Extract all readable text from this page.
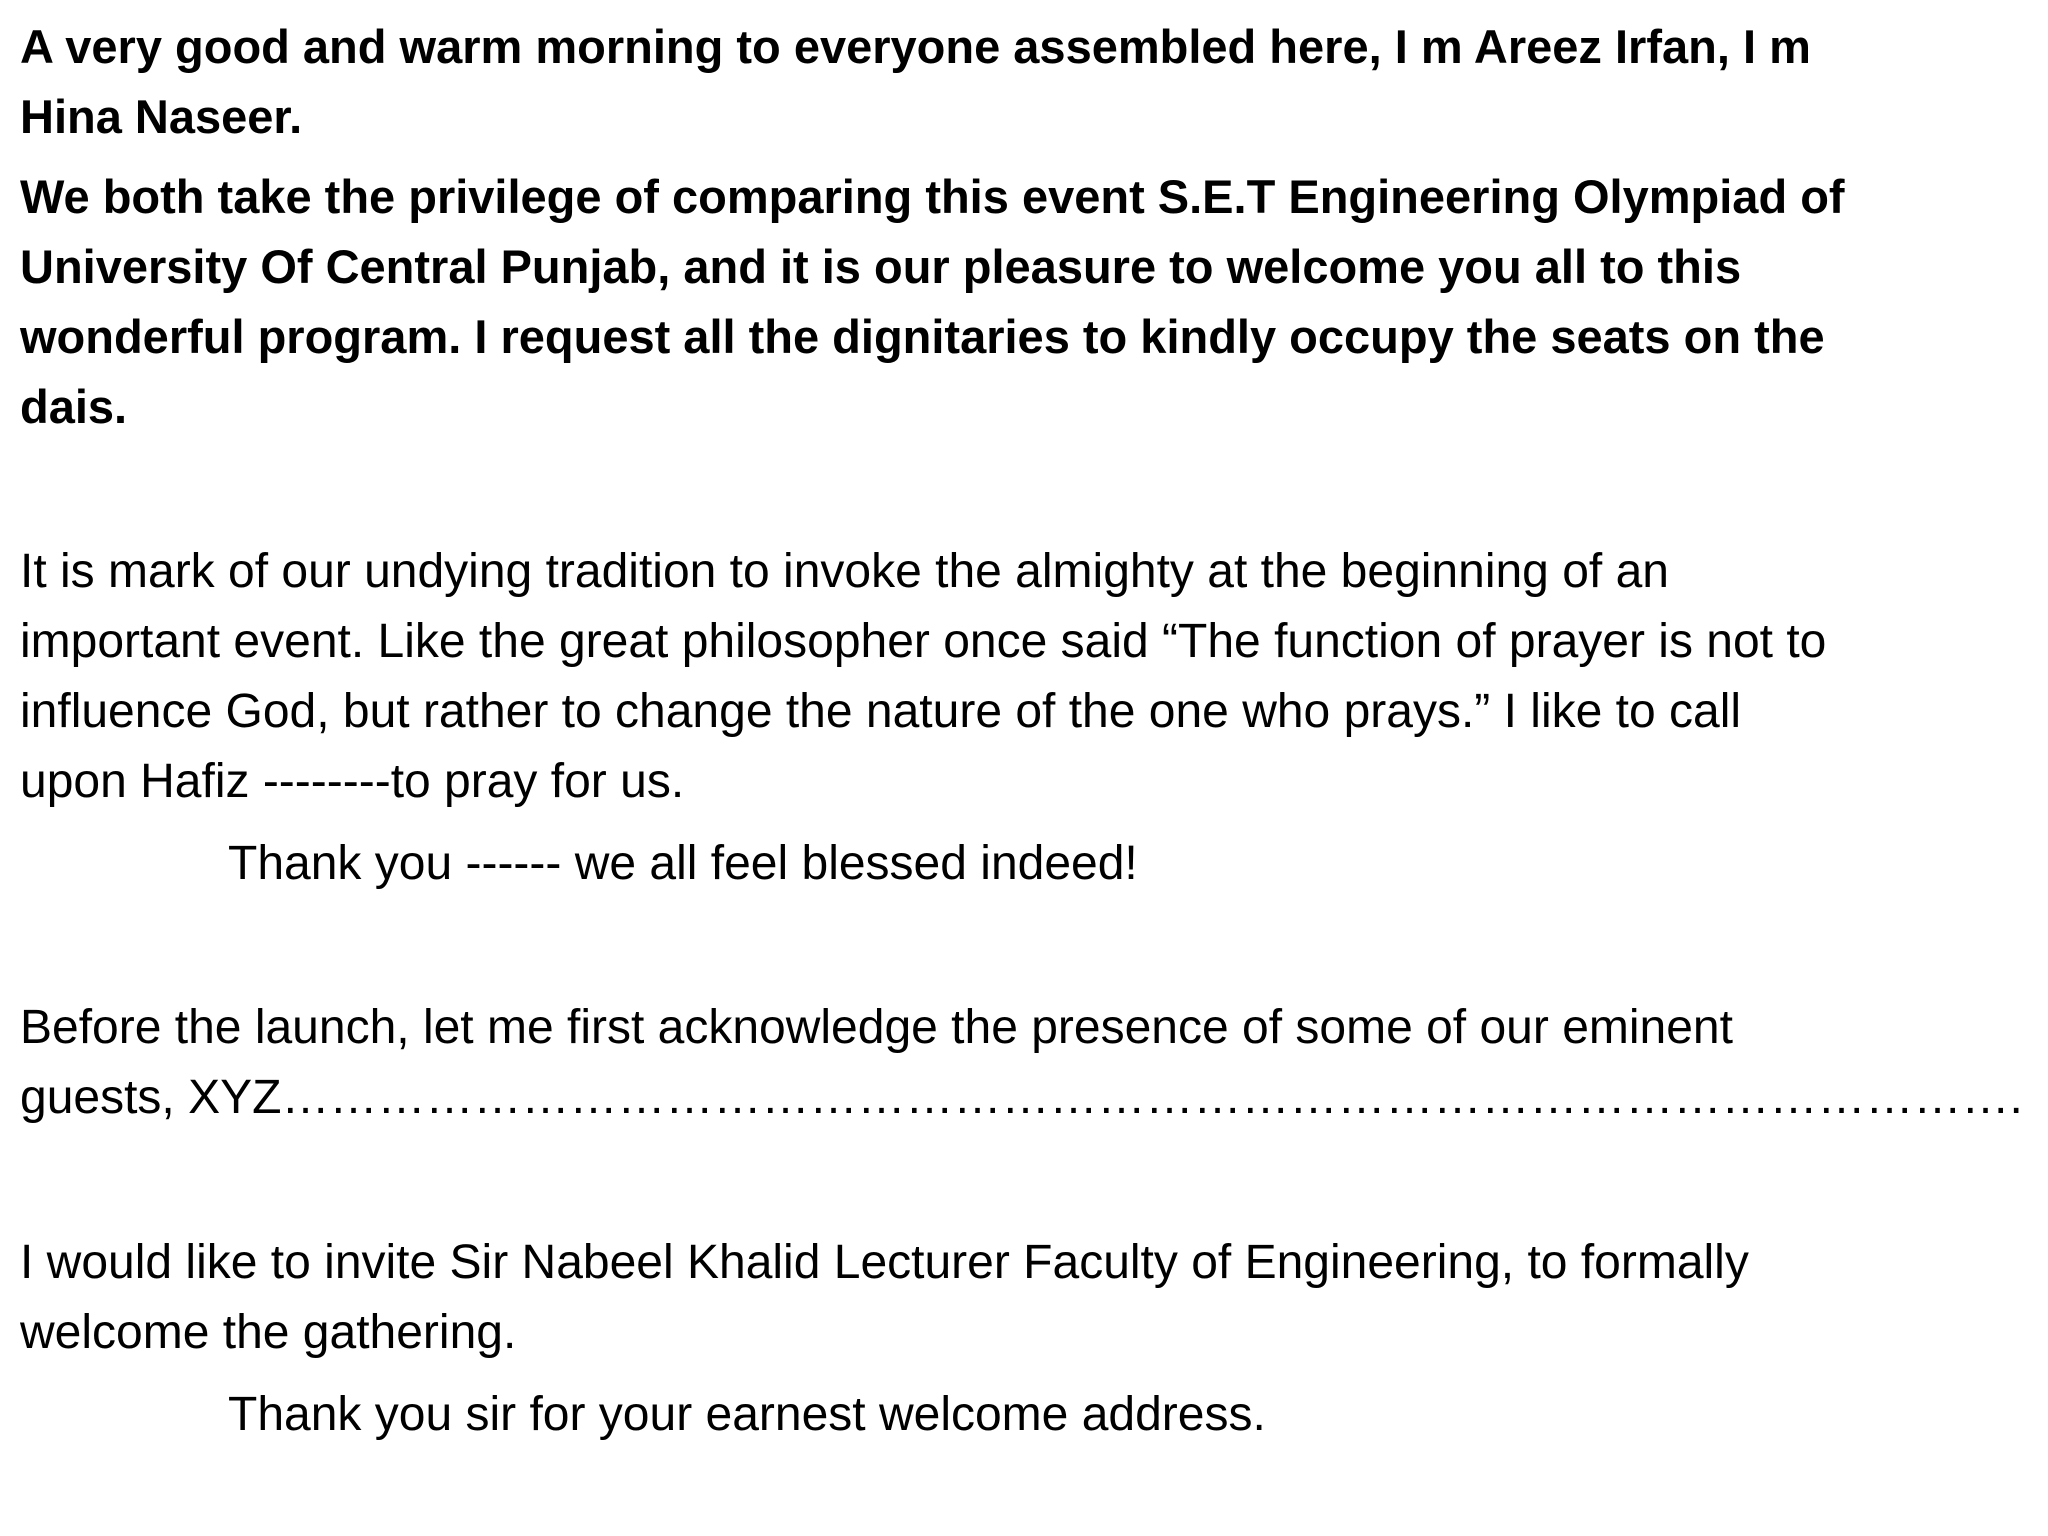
A very good and warm morning to everyone assembled here, I m Areez Irfan, I m
Hina Naseer.
We both take the privilege of comparing this event S.E.T Engineering Olympiad of
University Of Central Punjab, and it is our pleasure to welcome you all to this
wonderful program. I request all the dignitaries to kindly occupy the seats on the
dais.
It is mark of our undying tradition to invoke the almighty at the beginning of an
important event. Like the great philosopher once said “The function of prayer is not to
influence God, but rather to change the nature of the one who prays.” I like to call
upon Hafiz --------to pray for us.
Thank you ------ we all feel blessed indeed!
Before the launch, let me first acknowledge the presence of some of our eminent
guests, XYZ……………………………………………………………………………………………….
I would like to invite Sir Nabeel Khalid Lecturer Faculty of Engineering, to formally
welcome the gathering.
Thank you sir for your earnest welcome address.
